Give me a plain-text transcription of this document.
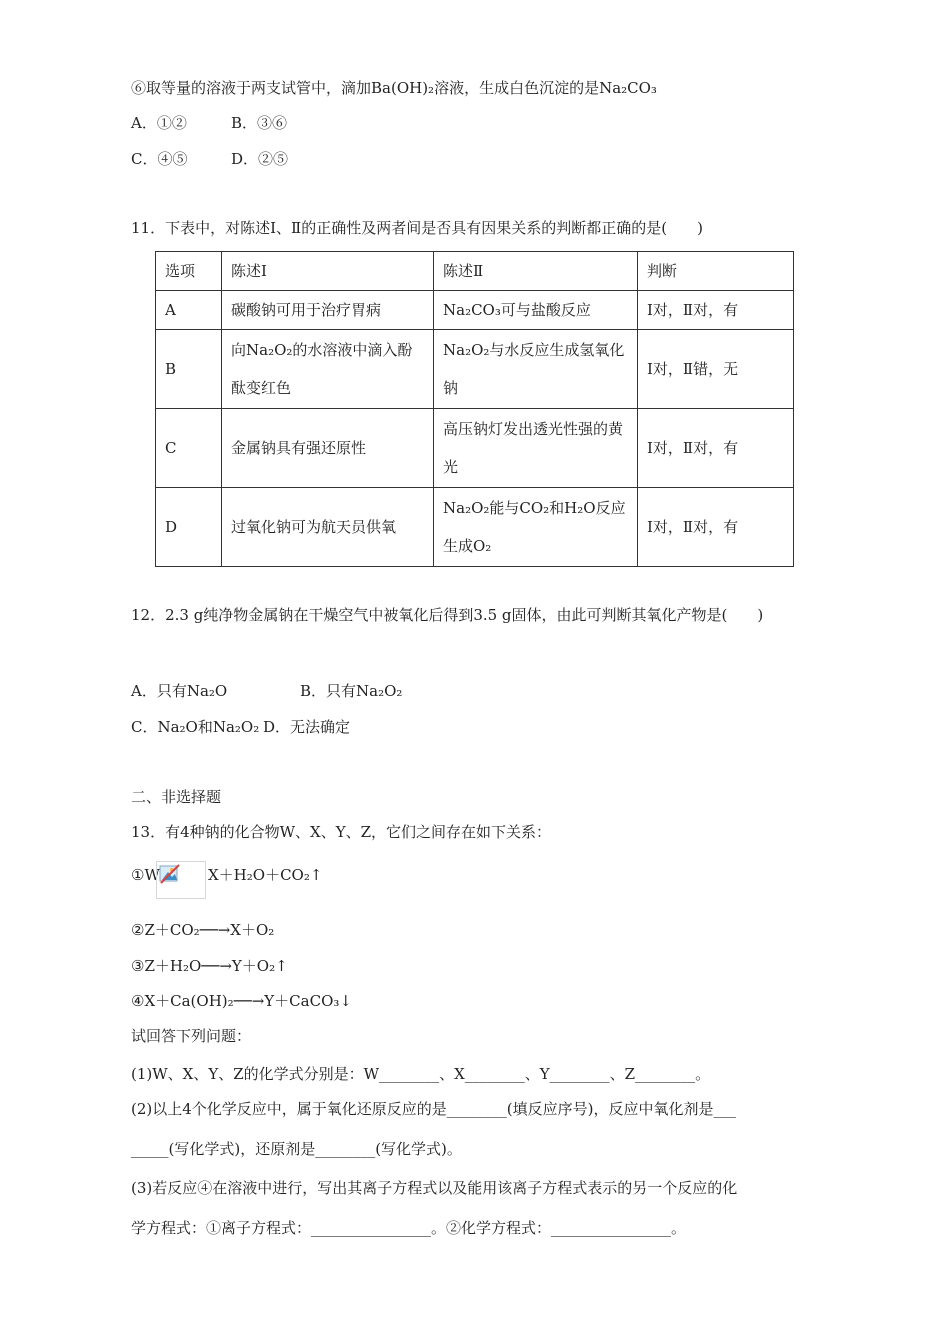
⑥取等量的溶液于两支试管中，滴加Ba(OH)₂溶液，生成白色沉淀的是Na₂CO₃
A．①②	B．③⑥
C．④⑤	D．②⑤
11．下表中，对陈述Ⅰ、Ⅱ的正确性及两者间是否具有因果关系的判断都正确的是(　　)
选项	陈述Ⅰ	陈述Ⅱ	判断
A	碳酸钠可用于治疗胃病	Na₂CO₃可与盐酸反应	Ⅰ对，Ⅱ对，有
B	向Na₂O₂的水溶液中滴入酚酞变红色	Na₂O₂与水反应生成氢氧化钠	Ⅰ对，Ⅱ错，无
C	金属钠具有强还原性	高压钠灯发出透光性强的黄光	Ⅰ对，Ⅱ对，有
D	过氧化钠可为航天员供氧	Na₂O₂能与CO₂和H₂O反应生成O₂	Ⅰ对，Ⅱ对，有
12．2.3 g纯净物金属钠在干燥空气中被氧化后得到3.5 g固体，由此可判断其氧化产物是(　　)
A．只有Na₂O	B．只有Na₂O₂
C．Na₂O和Na₂O₂ D．无法确定
二、非选择题
13．有4种钠的化合物W、X、Y、Z，它们之间存在如下关系：
①W	X＋H₂O＋CO₂↑
②Z＋CO₂──→X＋O₂
③Z＋H₂O──→Y＋O₂↑
④X＋Ca(OH)₂──→Y＋CaCO₃↓
试回答下列问题：
(1)W、X、Y、Z的化学式分别是：W________、X________、Y________、Z________。
(2)以上4个化学反应中，属于氧化还原反应的是________(填反应序号)，反应中氧化剂是___
_____(写化学式)，还原剂是________(写化学式)。
(3)若反应④在溶液中进行，写出其离子方程式以及能用该离子方程式表示的另一个反应的化
学方程式：①离子方程式：________________。②化学方程式：________________。
